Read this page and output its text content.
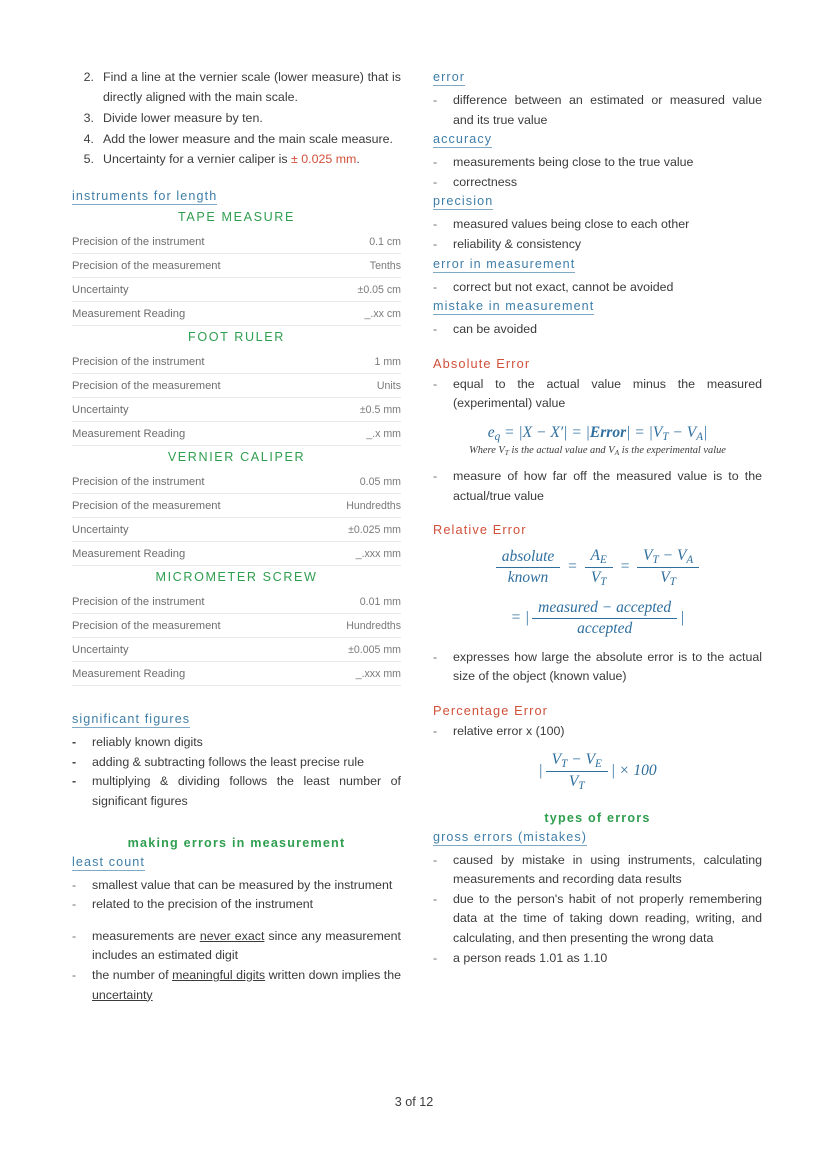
2. Find a line at the vernier scale (lower measure) that is directly aligned with the main scale.
3. Divide lower measure by ten.
4. Add the lower measure and the main scale measure.
5. Uncertainty for a vernier caliper is ± 0.025 mm.
instruments for length
TAPE MEASURE
Precision of the instrument	0.1 cm
Precision of the measurement	Tenths
Uncertainty	±0.05 cm
Measurement Reading	_.xx cm
FOOT RULER
Precision of the instrument	1 mm
Precision of the measurement	Units
Uncertainty	±0.5 mm
Measurement Reading	_.x mm
VERNIER CALIPER
Precision of the instrument	0.05 mm
Precision of the measurement	Hundredths
Uncertainty	±0.025 mm
Measurement Reading	_.xxx mm
MICROMETER SCREW
Precision of the instrument	0.01 mm
Precision of the measurement	Hundredths
Uncertainty	±0.005 mm
Measurement Reading	_.xxx mm
significant figures
-	reliably known digits
-	adding & subtracting follows the least precise rule
-	multiplying & dividing follows the least number of significant figures
making errors in measurement
least count
-	smallest value that can be measured by the instrument
-	related to the precision of the instrument
-	measurements are never exact since any measurement includes an estimated digit
-	the number of meaningful digits written down implies the uncertainty
error
-	difference between an estimated or measured value and its true value
accuracy
-	measurements being close to the true value
-	correctness
precision
-	measured values being close to each other
-	reliability & consistency
error in measurement
-	correct but not exact, cannot be avoided
mistake in measurement
-	can be avoided
Absolute Error
-	equal to the actual value minus the measured (experimental) value
$e_q = |X - X'|$ = |Error| = $|V_T - V_A|$
Where $V_T$ is the actual value and $V_A$ is the experimental value
-	measure of how far off the measured value is to the actual/true value
Relative Error
$\frac{\text{absolute}}{\text{known}} = \frac{A_E}{V_T} = \frac{V_T - V_A}{V_T}$
= | $\frac{\text{measured − accepted}}{\text{accepted}}$ |
-	expresses how large the absolute error is to the actual size of the object (known value)
Percentage Error
-	relative error x (100)
| $\frac{V_T - V_E}{V_T}$ | × 100
types of errors
gross errors (mistakes)
-	caused by mistake in using instruments, calculating measurements and recording data results
-	due to the person's habit of not properly remembering data at the time of taking down reading, writing, and calculating, and then presenting the wrong data
-	a person reads 1.01 as 1.10
3 of 12
